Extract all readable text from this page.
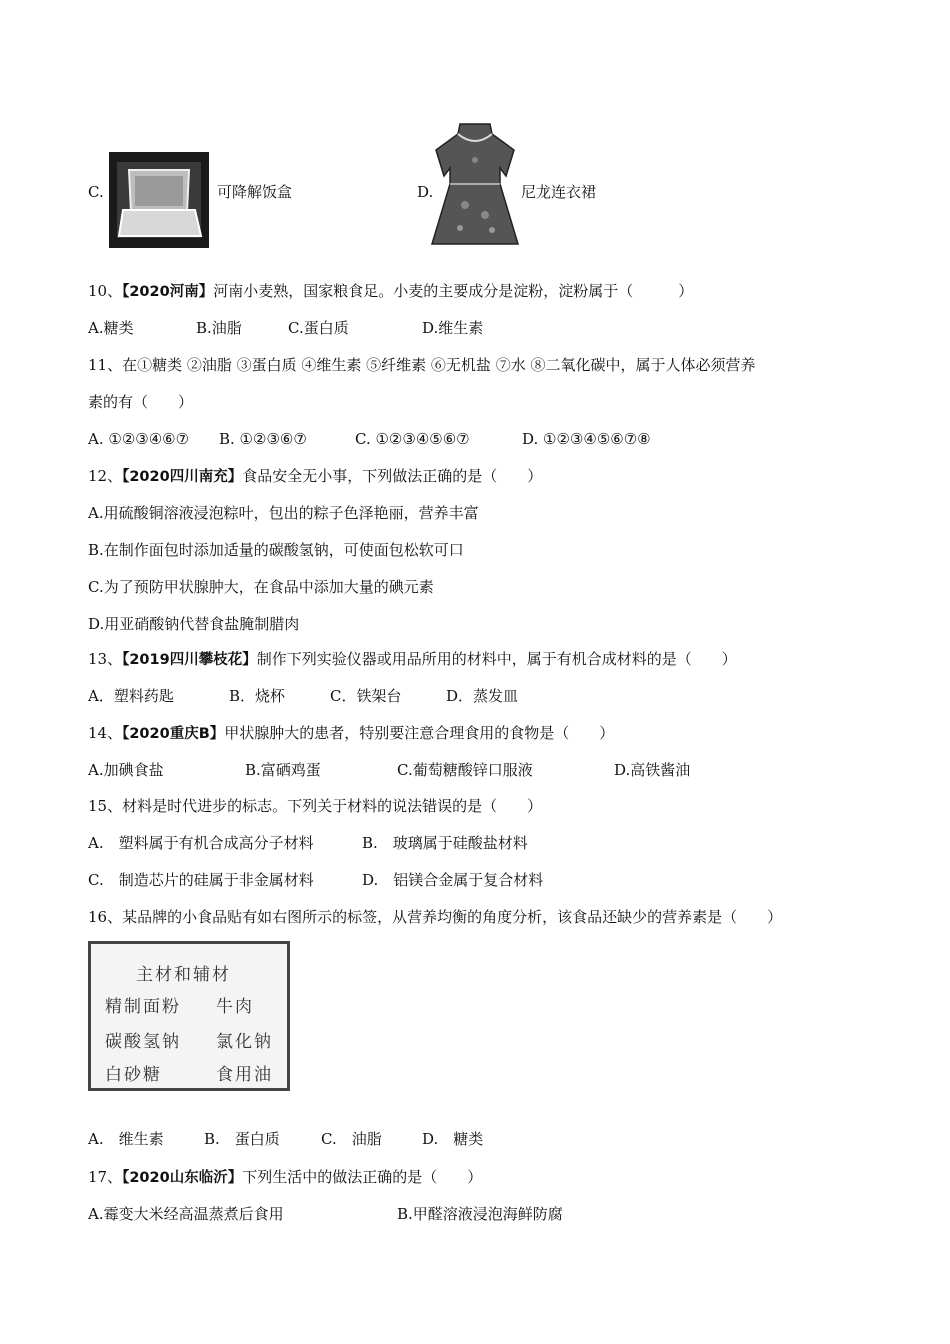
C.	可降解饭盒	D.	尼龙连衣裙
10、【2020河南】河南小麦熟，国家粮食足。小麦的主要成分是淀粉，淀粉属于（　　　）
A.糖类	B.油脂	C.蛋白质	D.维生素
11、在①糖类 ②油脂 ③蛋白质 ④维生素 ⑤纤维素 ⑥无机盐 ⑦水 ⑧二氧化碳中，属于人体必须营养
素的有（　　）
A. ①②③④⑥⑦ B. ①②③⑥⑦	C. ①②③④⑤⑥⑦	D. ①②③④⑤⑥⑦⑧
12、【2020四川南充】食品安全无小事，下列做法正确的是（　　）
A.用硫酸铜溶液浸泡粽叶，包出的粽子色泽艳丽，营养丰富
B.在制作面包时添加适量的碳酸氢钠，可使面包松软可口
C.为了预防甲状腺肿大，在食品中添加大量的碘元素
D.用亚硝酸钠代替食盐腌制腊肉
13、【2019四川攀枝花】制作下列实验仪器或用品所用的材料中，属于有机合成材料的是（　　）
A．塑料药匙	B．烧杯	C．铁架台	D．蒸发皿
14、【2020重庆B】甲状腺肿大的患者，特别要注意合理食用的食物是（　　）
A.加碘食盐	B.富硒鸡蛋	C.葡萄糖酸锌口服液	D.高铁酱油
15、材料是时代进步的标志。下列关于材料的说法错误的是（　　）
A.　塑料属于有机合成高分子材料	B.　玻璃属于硅酸盐材料
C.　制造芯片的硅属于非金属材料	D.　铝镁合金属于复合材料
16、某品牌的小食品贴有如右图所示的标签，从营养均衡的角度分析，该食品还缺少的营养素是（　　）
主材和辅材
精制面粉 牛肉
碳酸氢钠 氯化钠
白砂糖	食用油
A.　维生素	B.　蛋白质	C.　油脂	D.　糖类
17、【2020山东临沂】下列生活中的做法正确的是（　　）
A.霉变大米经高温蒸煮后食用	B.甲醛溶液浸泡海鲜防腐
